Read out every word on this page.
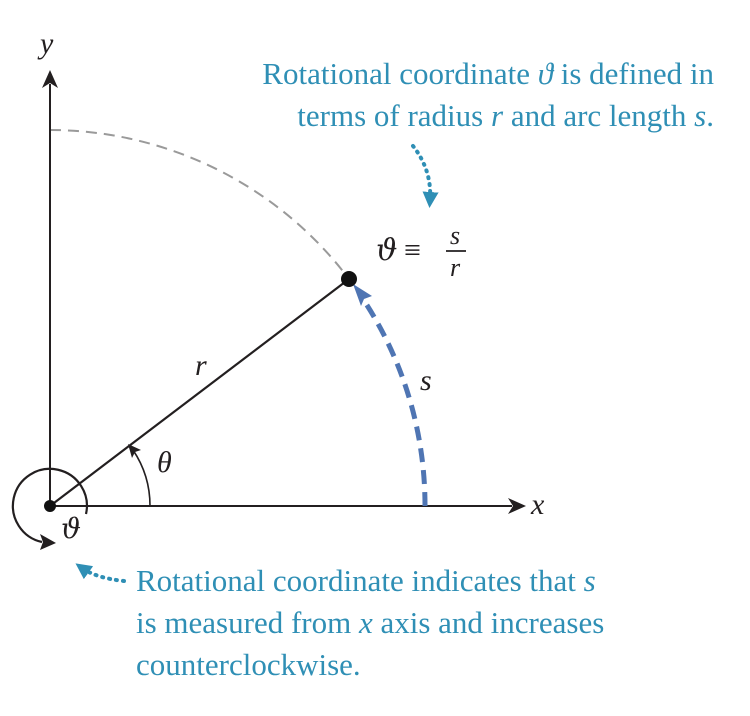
y
x
r	s
θ
ϑ
ϑ ≡ s
r
Rotational coordinate ϑ is defined in
terms of radius r and arc length s.
Rotational coordinate indicates that s
is measured from x axis and increases
counterclockwise.
